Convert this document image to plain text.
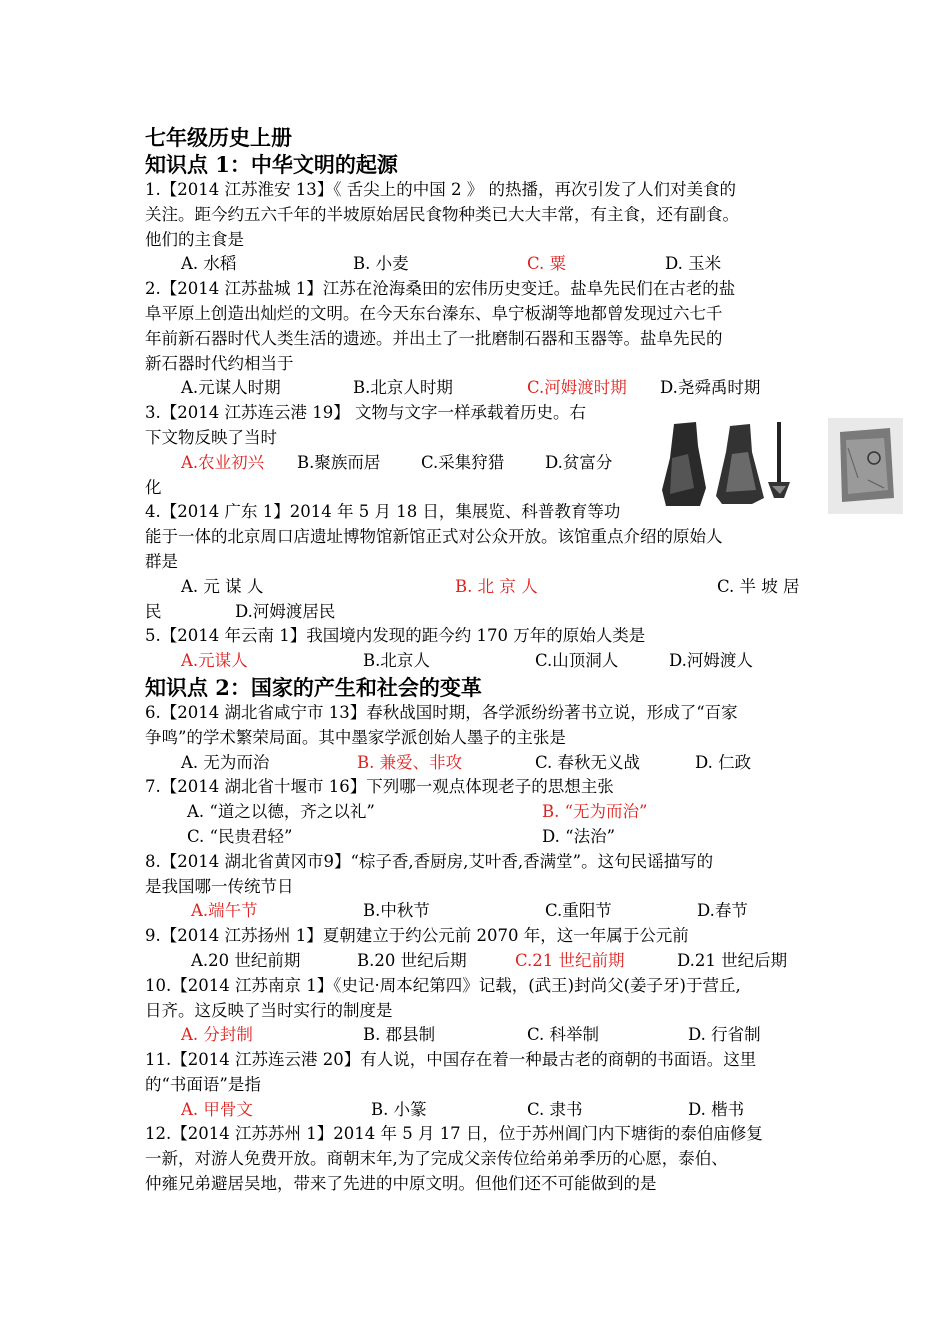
七年级历史上册
知识点 1：中华文明的起源
1.【2014 江苏淮安 13】《 舌尖上的中国 2 》 的热播，再次引发了人们对美食的
关注。距今约五六千年的半坡原始居民食物种类已大大丰常，有主食，还有副食。
他们的主食是
A. 水稻	B. 小麦	C. 粟	D. 玉米
2.【2014 江苏盐城 1】江苏在沧海桑田的宏伟历史变迁。盐阜先民们在古老的盐
阜平原上创造出灿烂的文明。在今天东台溱东、阜宁板湖等地都曾发现过六七千
年前新石器时代人类生活的遗迹。并出土了一批磨制石器和玉器等。盐阜先民的
新石器时代约相当于
A.元谋人时期	B.北京人时期	C.河姆渡时期 D.尧舜禹时期
3.【2014 江苏连云港 19】 文物与文字一样承载着历史。右
下文物反映了当时
A.农业初兴 B.聚族而居 C.采集狩猎 D.贫富分
化
4.【2014 广东 1】2014 年 5 月 18 日，集展览、科普教育等功
能于一体的北京周口店遗址博物馆新馆正式对公众开放。该馆重点介绍的原始人
群是
A. 元 谋 人	B. 北 京 人	C. 半 坡 居
民	D.河姆渡居民
5.【2014 年云南 1】我国境内发现的距今约 170 万年的原始人类是
A.元谋人	B.北京人	C.山顶洞人	D.河姆渡人
知识点 2：国家的产生和社会的变革
6.【2014 湖北省咸宁市 13】春秋战国时期，各学派纷纷著书立说，形成了“百家
争鸣”的学术繁荣局面。其中墨家学派创始人墨子的主张是
A. 无为而治	B. 兼爱、非攻	C. 春秋无义战	D. 仁政
7.【2014 湖北省十堰市 16】下列哪一观点体现老子的思想主张
A. “道之以德，齐之以礼”	B. “无为而治”
C. “民贵君轻”	D. “法治”
8.【2014 湖北省黄冈市9】“棕子香,香厨房,艾叶香,香满堂”。这句民谣描写的
是我国哪一传统节日
A.端午节	B.中秋节	C.重阳节	D.春节
9.【2014 江苏扬州 1】夏朝建立于约公元前 2070 年，这一年属于公元前
A.20 世纪前期	B.20 世纪后期	C.21 世纪前期	D.21 世纪后期
10.【2014 江苏南京 1】《史记·周本纪第四》记载，(武王)封尚父(姜子牙)于营丘,
日齐。这反映了当时实行的制度是
A. 分封制	B. 郡县制	C. 科举制	D. 行省制
11.【2014 江苏连云港 20】有人说，中国存在着一种最古老的商朝的书面语。这里
的“书面语”是指
A. 甲骨文	B. 小篆	C. 隶书	D. 楷书
12.【2014 江苏苏州 1】2014 年 5 月 17 日，位于苏州阊门内下塘街的泰伯庙修复
一新，对游人免费开放。商朝末年,为了完成父亲传位给弟弟季历的心愿，泰伯、
仲雍兄弟避居吴地，带来了先进的中原文明。但他们还不可能做到的是
